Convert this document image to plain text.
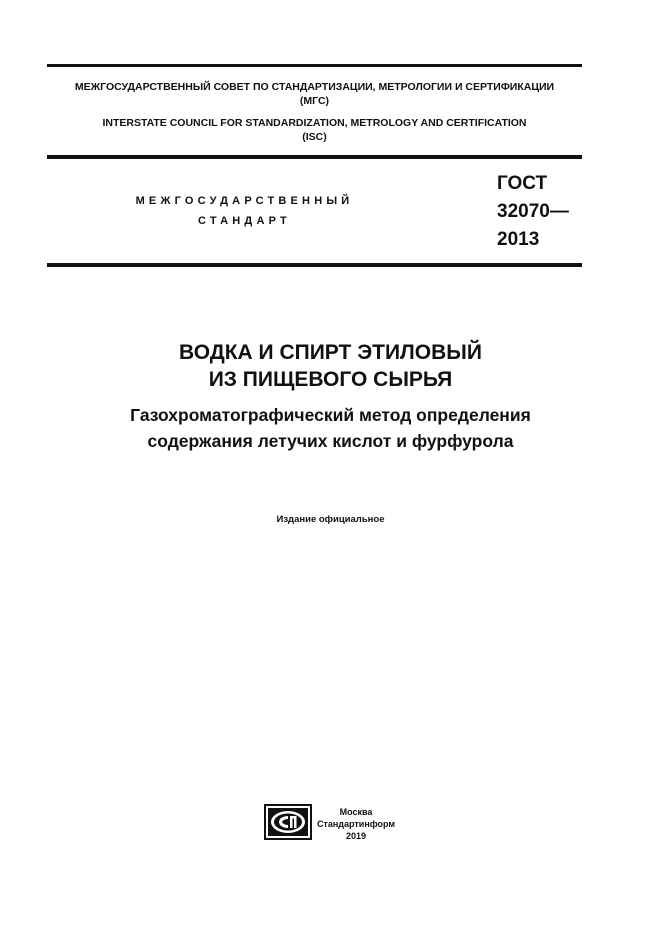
МЕЖГОСУДАРСТВЕННЫЙ СОВЕТ ПО СТАНДАРТИЗАЦИИ, МЕТРОЛОГИИ И СЕРТИФИКАЦИИ
(МГС)
INTERSTATE COUNCIL FOR STANDARDIZATION, METROLOGY AND CERTIFICATION
(ISC)
МЕЖГОСУДАРСТВЕННЫЙ
СТАНДАРТ
ГОСТ
32070—
2013
ВОДКА И СПИРТ ЭТИЛОВЫЙ
ИЗ ПИЩЕВОГО СЫРЬЯ
Газохроматографический метод определения
содержания летучих кислот и фурфурола
Издание официальное
Москва
Стандартинформ
2019
